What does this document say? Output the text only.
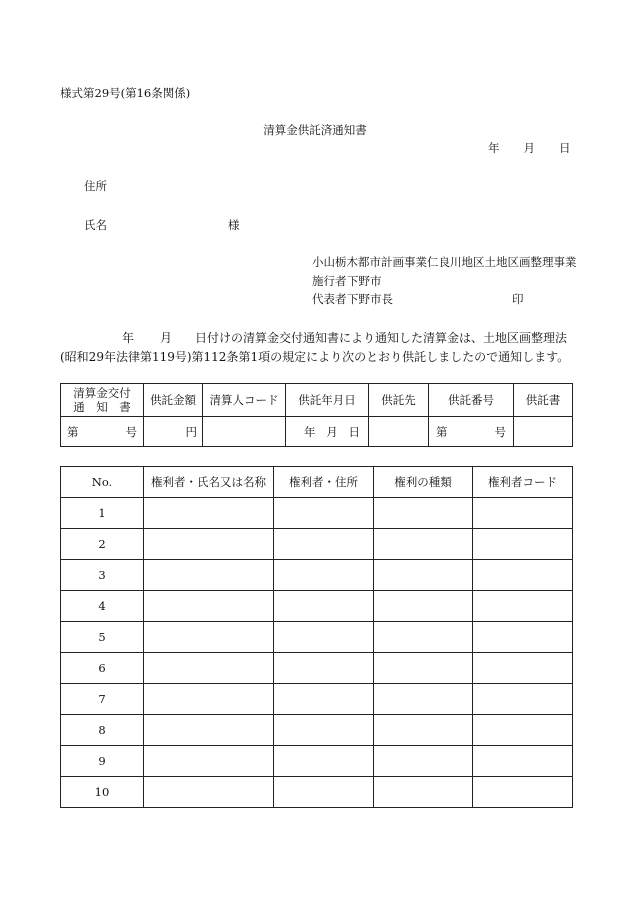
様式第29号(第16条関係)
清算金供託済通知書
年 月 日
住所
氏名	様
小山栃木都市計画事業仁良川地区土地区画整理事業
施行者 下野市
代表者 下野市長	印
年 月 日付けの清算金交付通知書により通知した清算金は、土地区画整理法
(昭和29年法律第119号)第112条第1項の規定により次のとおり供託しましたので通知します。
清算金交付
通　知　書	供託金額	清算人コード	供託年月日	供託先	供託番号	供託書

第 号	円		年 月 日		第 号	

No.	権利者・氏名又は名称	権利者・住所	権利の種類	権利者コード
1				
2				
3				
4				
5				
6				
7				
8				
9				
10				
